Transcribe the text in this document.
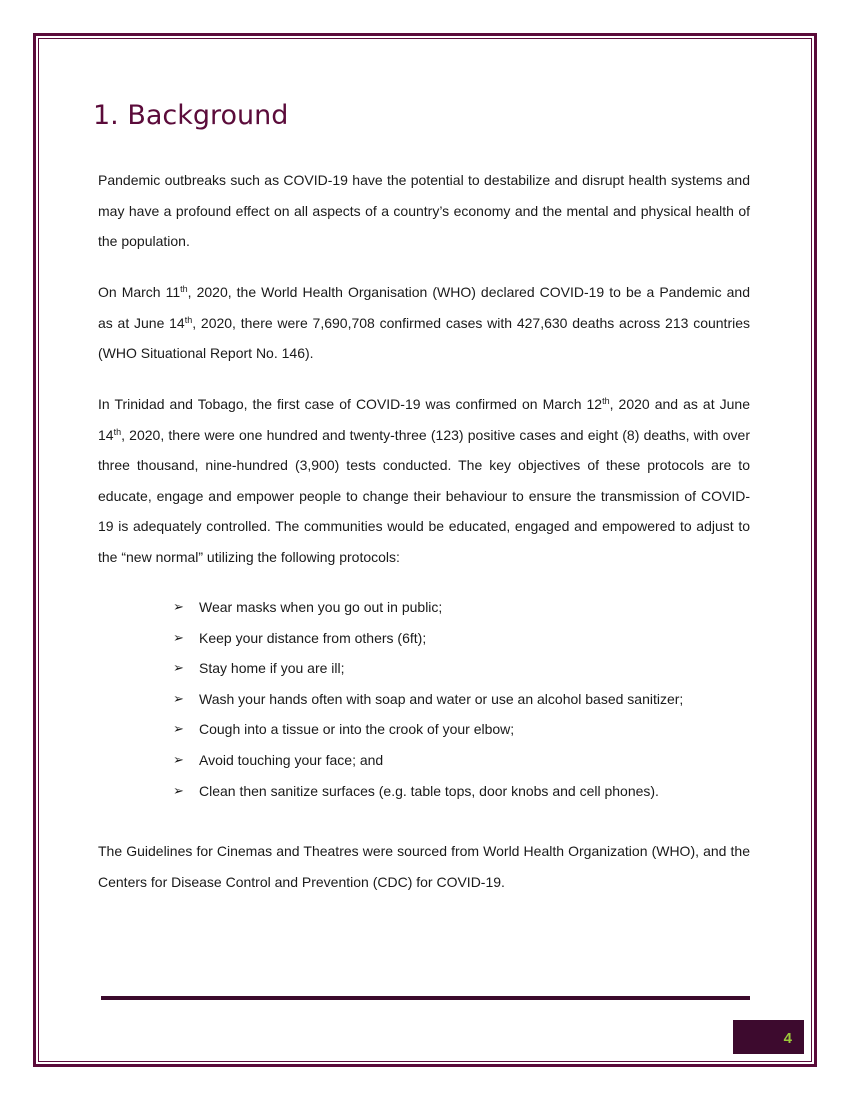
1. Background

Pandemic outbreaks such as COVID-19 have the potential to destabilize and disrupt health systems and may have a profound effect on all aspects of a country’s economy and the mental and physical health of the population.

On March 11th, 2020, the World Health Organisation (WHO) declared COVID-19 to be a Pandemic and as at June 14th, 2020, there were 7,690,708 confirmed cases with 427,630 deaths across 213 countries (WHO Situational Report No. 146).

In Trinidad and Tobago, the first case of COVID-19 was confirmed on March 12th, 2020 and as at June 14th, 2020, there were one hundred and twenty-three (123) positive cases and eight (8) deaths, with over three thousand, nine-hundred (3,900) tests conducted. The key objectives of these protocols are to educate, engage and empower people to change their behaviour to ensure the transmission of COVID-19 is adequately controlled. The communities would be educated, engaged and empowered to adjust to the “new normal” utilizing the following protocols:

➢	Wear masks when you go out in public;
➢	Keep your distance from others (6ft);
➢	Stay home if you are ill;
➢	Wash your hands often with soap and water or use an alcohol based sanitizer;
➢	Cough into a tissue or into the crook of your elbow;
➢	Avoid touching your face; and
➢	Clean then sanitize surfaces (e.g. table tops, door knobs and cell phones).

The Guidelines for Cinemas and Theatres were sourced from World Health Organization (WHO), and the Centers for Disease Control and Prevention (CDC) for COVID-19.

4
